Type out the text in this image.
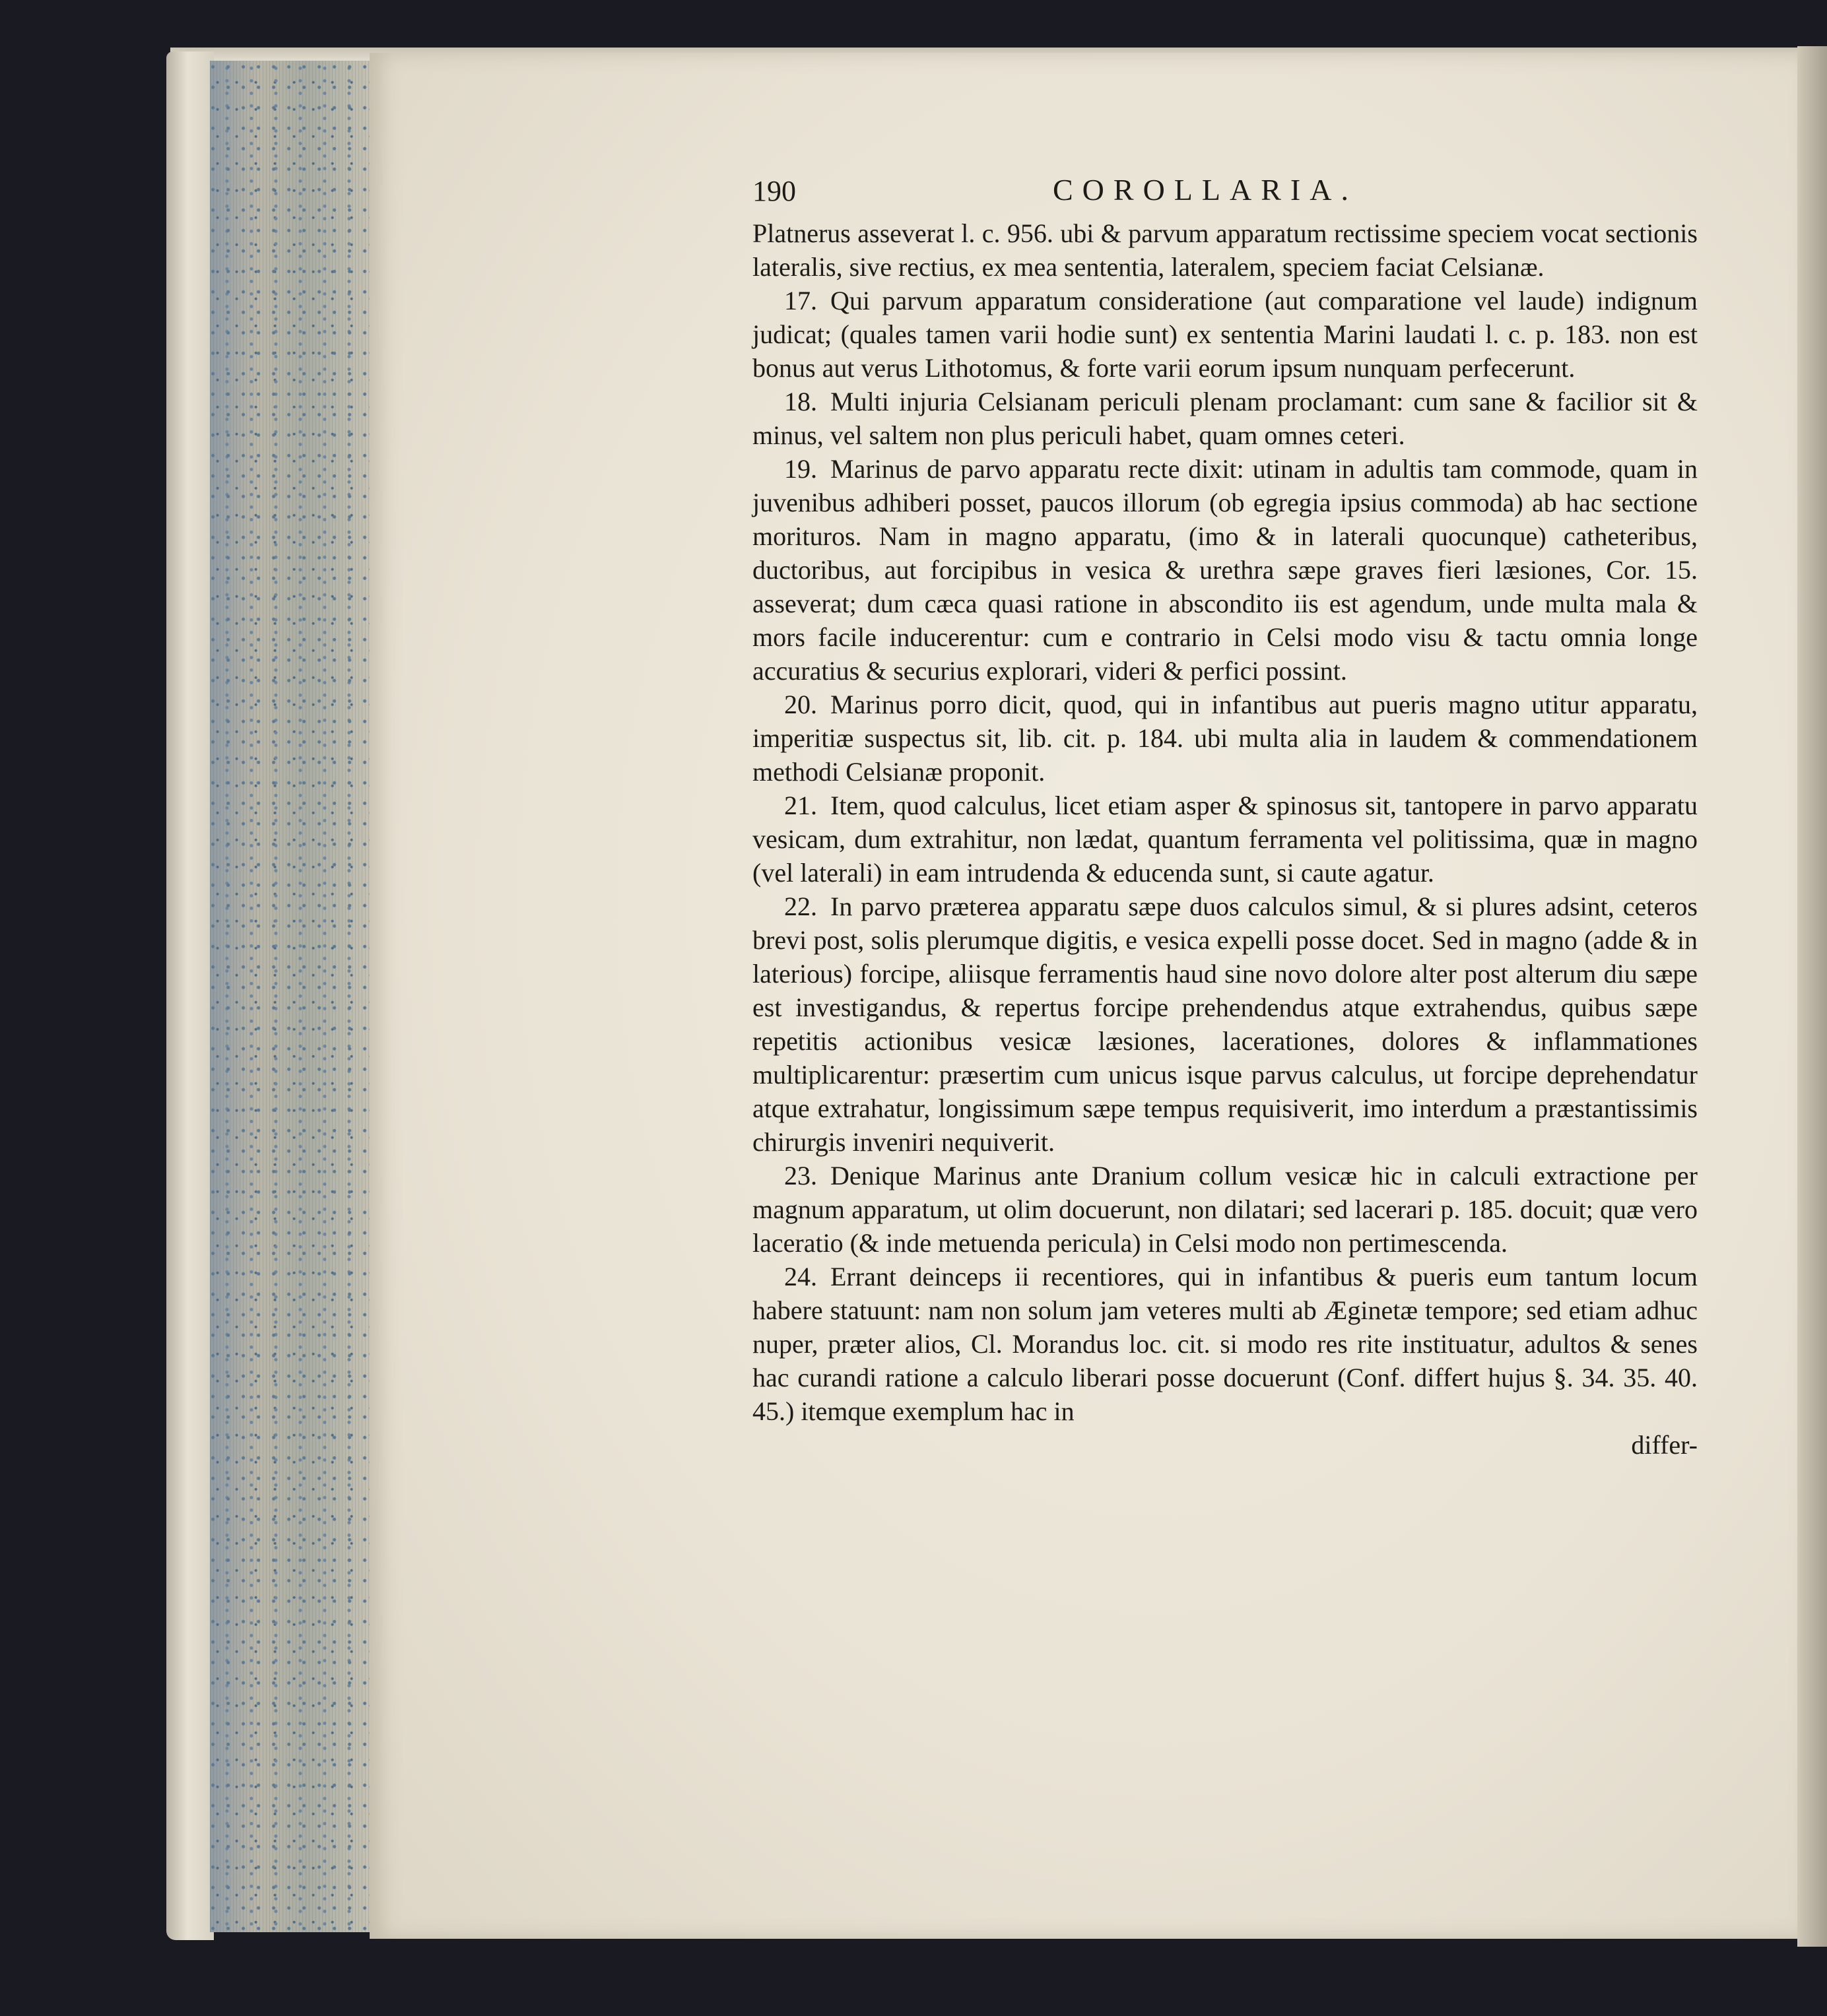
190	COROLLARIA.

Platnerus asseverat l. c. 956. ubi & parvum apparatum rectissime speciem vocat sectionis lateralis, sive rectius, ex mea sententia, lateralem, speciem faciat Celsianæ.

17. Qui parvum apparatum consideratione (aut comparatione vel laude) indignum judicat; (quales tamen varii hodie sunt) ex sententia Marini laudati l. c. p. 183. non est bonus aut verus Lithotomus, & forte varii eorum ipsum nunquam perfecerunt.

18. Multi injuria Celsianam periculi plenam proclamant: cum sane & facilior sit & minus, vel saltem non plus periculi habet, quam omnes ceteri.

19. Marinus de parvo apparatu recte dixit: utinam in adultis tam commode, quam in juvenibus adhiberi posset, paucos illorum (ob egregia ipsius commoda) ab hac sectione morituros. Nam in magno apparatu, (imo & in laterali quocunque) catheteribus, ductoribus, aut forcipibus in vesica & urethra sæpe graves fieri læsiones, Cor. 15. asseverat; dum cæca quasi ratione in abscondito iis est agendum, unde multa mala & mors facile inducerentur: cum e contrario in Celsi modo visu & tactu omnia longe accuratius & securius explorari, videri & perfici possint.

20. Marinus porro dicit, quod, qui in infantibus aut pueris magno utitur apparatu, imperitiæ suspectus sit, lib. cit. p. 184. ubi multa alia in laudem & commendationem methodi Celsianæ proponit.

21. Item, quod calculus, licet etiam asper & spinosus sit, tantopere in parvo apparatu vesicam, dum extrahitur, non lædat, quantum ferramenta vel politissima, quæ in magno (vel laterali) in eam intrudenda & educenda sunt, si caute agatur.

22. In parvo præterea apparatu sæpe duos calculos simul, & si plures adsint, ceteros brevi post, solis plerumque digitis, e vesica expelli posse docet. Sed in magno (adde & in laterious) forcipe, aliisque ferramentis haud sine novo dolore alter post alterum diu sæpe est investigandus, & repertus forcipe prehendendus atque extrahendus, quibus sæpe repetitis actionibus vesicæ læsiones, lacerationes, dolores & inflammationes multiplicarentur: præsertim cum unicus isque parvus calculus, ut forcipe deprehendatur atque extrahatur, longissimum sæpe tempus requisiverit, imo interdum a præstantissimis chirurgis inveniri nequiverit.

23. Denique Marinus ante Dranium collum vesicæ hic in calculi extractione per magnum apparatum, ut olim docuerunt, non dilatari; sed lacerari p. 185. docuit; quæ vero laceratio (& inde metuenda pericula) in Celsi modo non pertimescenda.

24. Errant deinceps ii recentiores, qui in infantibus & pueris eum tantum locum habere statuunt: nam non solum jam veteres multi ab Æginetæ tempore; sed etiam adhuc nuper, præter alios, Cl. Morandus loc. cit. si modo res rite instituatur, adultos & senes hac curandi ratione a calculo liberari posse docuerunt (Conf. differt hujus §. 34. 35. 40. 45.) itemque exemplum hac in

differ-
